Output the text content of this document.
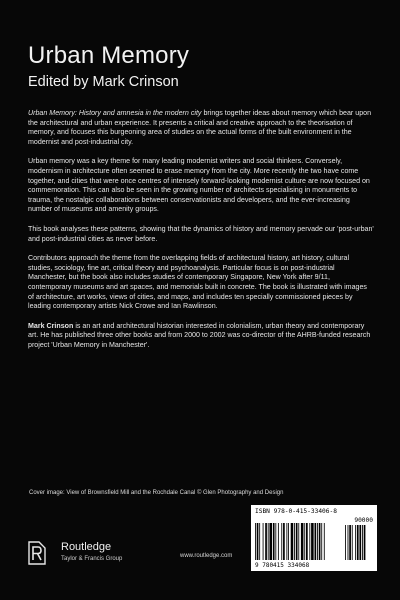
Urban Memory
Edited by Mark Crinson

Urban Memory: History and amnesia in the modern city brings together ideas about memory which bear upon the architectural and urban experience. It presents a critical and creative approach to the theorisation of memory, and focuses this burgeoning area of studies on the actual forms of the built environment in the modernist and post-industrial city.

Urban memory was a key theme for many leading modernist writers and social thinkers. Conversely, modernism in architecture often seemed to erase memory from the city. More recently the two have come together, and cities that were once centres of intensely forward-looking modernist culture are now focused on commemoration. This can also be seen in the growing number of architects specialising in monuments to trauma, the nostalgic collaborations between conservationists and developers, and the ever-increasing number of museums and amenity groups.

This book analyses these patterns, showing that the dynamics of history and memory pervade our 'post-urban' and post-industrial cities as never before.

Contributors approach the theme from the overlapping fields of architectural history, art history, cultural studies, sociology, fine art, critical theory and psychoanalysis. Particular focus is on post-industrial Manchester, but the book also includes studies of contemporary Singapore, New York after 9/11, contemporary museums and art spaces, and memorials built in concrete. The book is illustrated with images of architecture, art works, views of cities, and maps, and includes ten specially commissioned pieces by leading contemporary artists Nick Crowe and Ian Rawlinson.

Mark Crinson is an art and architectural historian interested in colonialism, urban theory and contemporary art. He has published three other books and from 2000 to 2002 was co-director of the AHRB-funded research project 'Urban Memory in Manchester'.

Cover image: View of Brownsfield Mill and the Rochdale Canal © Glen Photography and Design
Routledge
Taylor & Francis Group	www.routledge.com
ISBN 978-0-415-33406-8
90000
9 780415 334068
